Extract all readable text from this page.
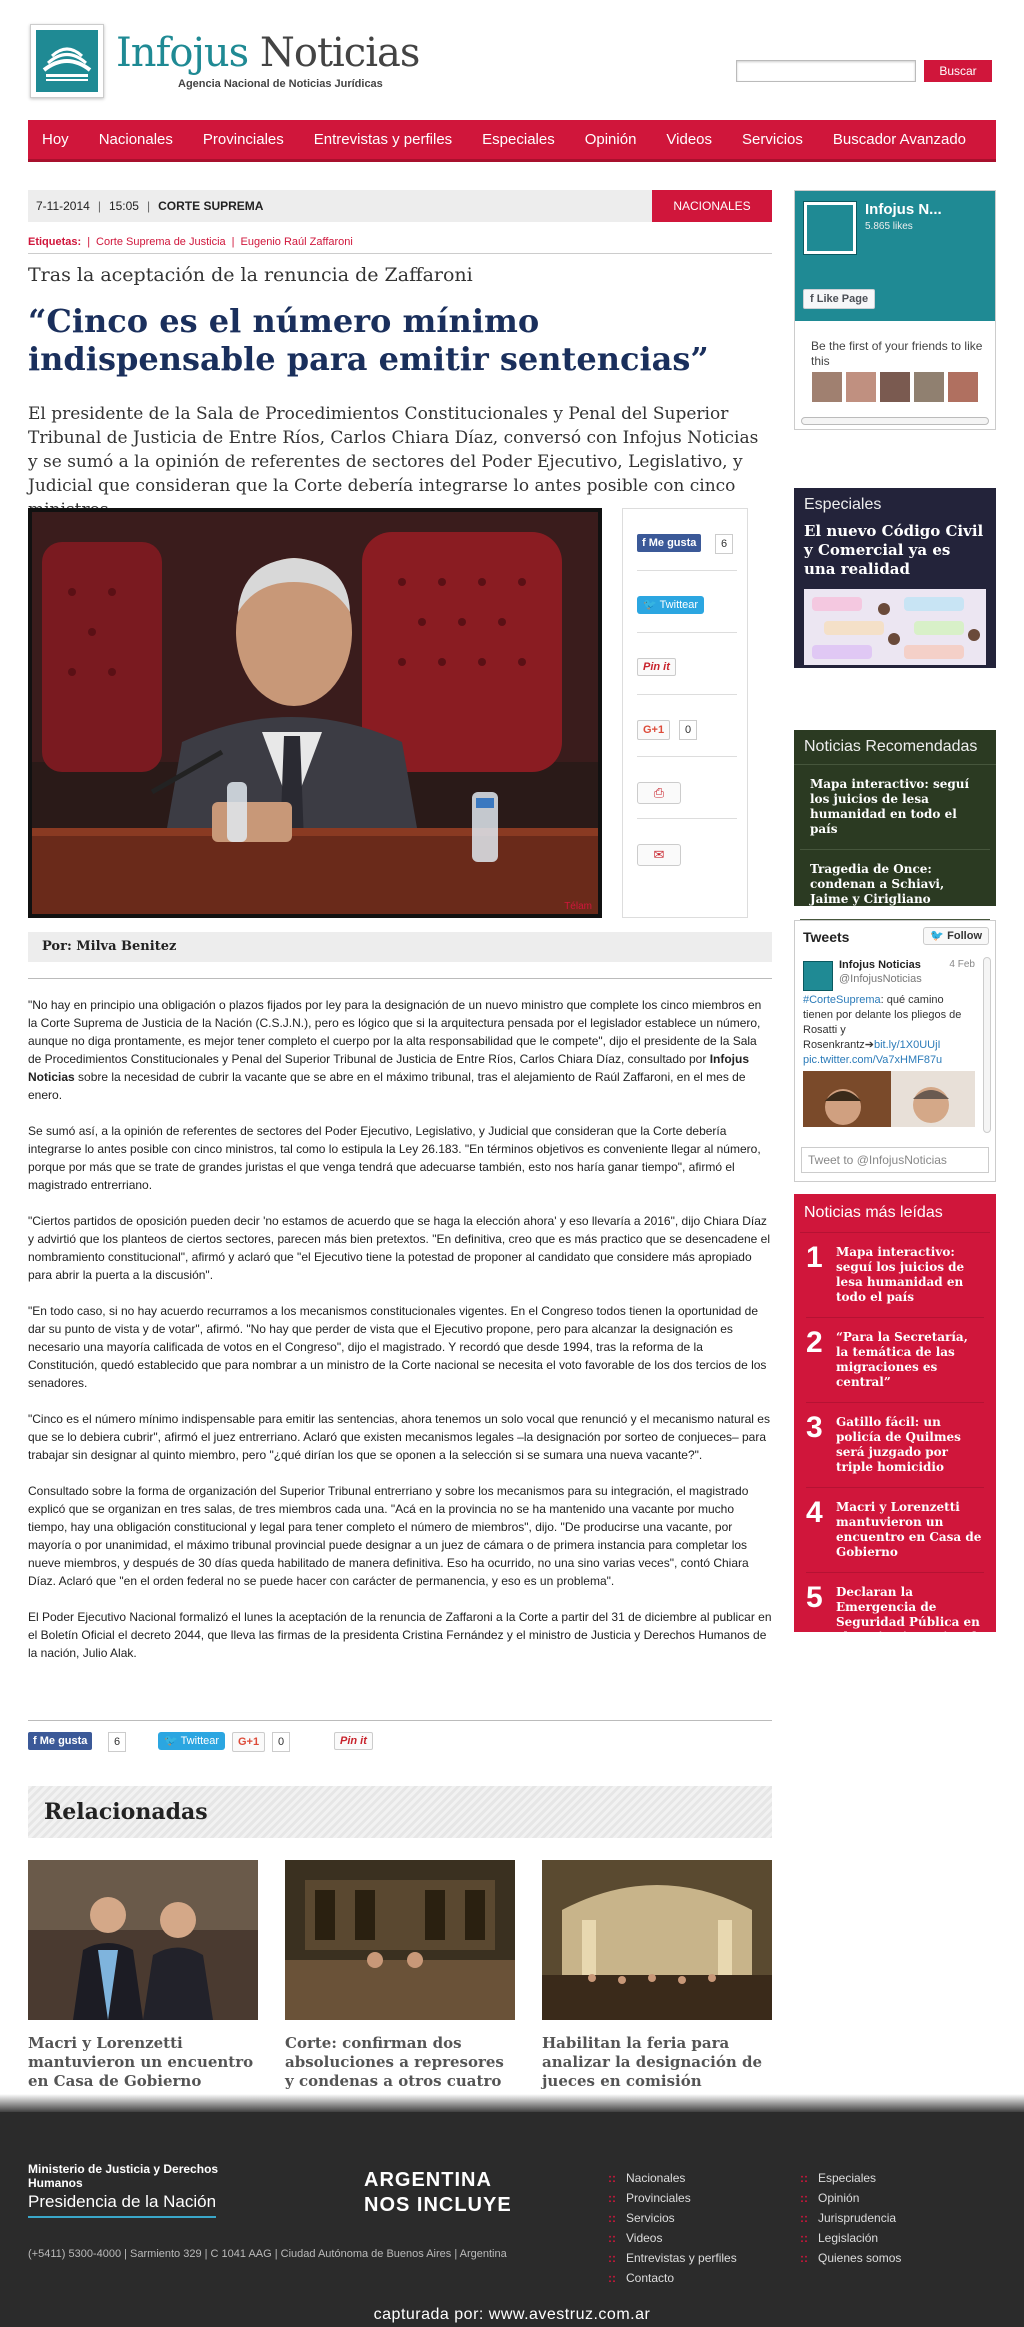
Infojus Noticias
Agencia Nacional de Noticias Jurídicas
Buscar
Hoy Nacionales Provinciales Entrevistas y perfiles Especiales Opinión Videos Servicios Buscador Avanzado
7-11-2014 | 15:05 | CORTE SUPREMA	NACIONALES
Etiquetas: | Corte Suprema de Justicia | Eugenio Raúl Zaffaroni
Tras la aceptación de la renuncia de Zaffaroni
“Cinco es el número mínimo indispensable para emitir sentencias”
El presidente de la Sala de Procedimientos Constitucionales y Penal del Superior Tribunal de Justicia de Entre Ríos, Carlos Chiara Díaz, conversó con Infojus Noticias y se sumó a la opinión de referentes de sectores del Poder Ejecutivo, Legislativo, y Judicial que consideran que la Corte debería integrarse lo antes posible con cinco
Télam
f Me gusta	6
🐦 Twittear
Pin it
G+1	0
⎙
✉
Por: Milva Benitez

"No hay en principio una obligación o plazos fijados por ley para la designación de un nuevo ministro que complete los cinco miembros en la Corte Suprema de Justicia de la Nación (C.S.J.N.), pero es lógico que si la arquitectura pensada por el legislador establece un número, aunque no diga prontamente, es mejor tener completo el cuerpo por la alta responsabilidad que le compete", dijo el presidente de la Sala de Procedimientos Constitucionales y Penal del Superior Tribunal de Justicia de Entre Ríos, Carlos Chiara Díaz, consultado por Infojus Noticias sobre la necesidad de cubrir la vacante que se abre en el máximo tribunal, tras el alejamiento de Raúl Zaffaroni, en el mes de enero.

Se sumó así, a la opinión de referentes de sectores del Poder Ejecutivo, Legislativo, y Judicial que consideran que la Corte debería integrarse lo antes posible con cinco ministros, tal como lo estipula la Ley 26.183. "En términos objetivos es conveniente llegar al número, porque por más que se trate de grandes juristas el que venga tendrá que adecuarse también, esto nos haría ganar tiempo", afirmó el magistrado entrerriano.

"Ciertos partidos de oposición pueden decir 'no estamos de acuerdo que se haga la elección ahora' y eso llevaría a 2016", dijo Chiara Díaz y advirtió que los planteos de ciertos sectores, parecen más bien pretextos. "En definitiva, creo que es más practico que se desencadene el nombramiento constitucional", afirmó y aclaró que "el Ejecutivo tiene la potestad de proponer al candidato que considere más apropiado para abrir la puerta a la discusión".

"En todo caso, si no hay acuerdo recurramos a los mecanismos constitucionales vigentes. En el Congreso todos tienen la oportunidad de dar su punto de vista y de votar", afirmó. "No hay que perder de vista que el Ejecutivo propone, pero para alcanzar la designación es necesario una mayoría calificada de votos en el Congreso", dijo el magistrado. Y recordó que desde 1994, tras la reforma de la Constitución, quedó establecido que para nombrar a un ministro de la Corte nacional se necesita el voto favorable de los dos tercios de los senadores.

"Cinco es el número mínimo indispensable para emitir las sentencias, ahora tenemos un solo vocal que renunció y el mecanismo natural es que se lo debiera cubrir", afirmó el juez entrerriano. Aclaró que existen mecanismos legales –la designación por sorteo de conjueces– para trabajar sin designar al quinto miembro, pero "¿qué dirían los que se oponen a la selección si se sumara una nueva vacante?".

Consultado sobre la forma de organización del Superior Tribunal entrerriano y sobre los mecanismos para su integración, el magistrado explicó que se organizan en tres salas, de tres miembros cada una. "Acá en la provincia no se ha mantenido una vacante por mucho tiempo, hay una obligación constitucional y legal para tener completo el número de miembros", dijo. "De producirse una vacante, por mayoría o por unanimidad, el máximo tribunal provincial puede designar a un juez de cámara o de primera instancia para completar los nueve miembros, y después de 30 días queda habilitado de manera definitiva. Eso ha ocurrido, no una sino varias veces", contó Chiara Díaz. Aclaró que "en el orden federal no se puede hacer con carácter de permanencia, y eso es un problema".

El Poder Ejecutivo Nacional formalizó el lunes la aceptación de la renuncia de Zaffaroni a la Corte a partir del 31 de diciembre al publicar en el Boletín Oficial el decreto 2044, que lleva las firmas de la presidenta Cristina Fernández y el ministro de Justicia y Derechos Humanos de la nación, Julio Alak.

f Me gusta	6	🐦 Twittear	G+1	0	Pin it
Relacionadas
Macri y Lorenzetti mantuvieron un encuentro en Casa de Gobierno
Corte: confirman dos absoluciones a represores y condenas a otros cuatro
Habilitan la feria para analizar la designación de jueces en comisión
Infojus N...
5.865 likes
f Like Page
Be the first of your friends to like this
Especiales
El nuevo Código Civil y Comercial ya es una realidad
Noticias Recomendadas
Mapa interactivo: seguí los juicios de lesa humanidad en todo el país
Tragedia de Once: condenan a Schiavi, Jaime y Cirigliano
Tweets	🐦 Follow
Infojus Noticias
@InfojusNoticias
4 Feb
#CorteSuprema: qué camino tienen por delante los pliegos de Rosatti y Rosenkrantz➔bit.ly/1X0UUjI
pic.twitter.com/Va7xHMF87u
Tweet to @InfojusNoticias
Noticias más leídas
1 Mapa interactivo: seguí los juicios de lesa humanidad en todo el país
2 “Para la Secretaría, la temática de las migraciones es central”
3 Gatillo fácil: un policía de Quilmes será juzgado por triple homicidio
4 Macri y Lorenzetti mantuvieron un encuentro en Casa de Gobierno
5 Declaran la Emergencia de Seguridad Pública en el territorio nacional
Ministerio de Justicia y Derechos Humanos
Presidencia de la Nación
ARGENTINA
NOS INCLUYE
(+5411) 5300-4000 | Sarmiento 329 | C 1041 AAG | Ciudad Autónoma de Buenos Aires | Argentina
:: Nacionales
:: Provinciales
:: Servicios
:: Videos
:: Entrevistas y perfiles
:: Contacto
:: Especiales
:: Opinión
:: Jurisprudencia
:: Legislación
:: Quienes somos
capturada por: www.avestruz.com.ar
